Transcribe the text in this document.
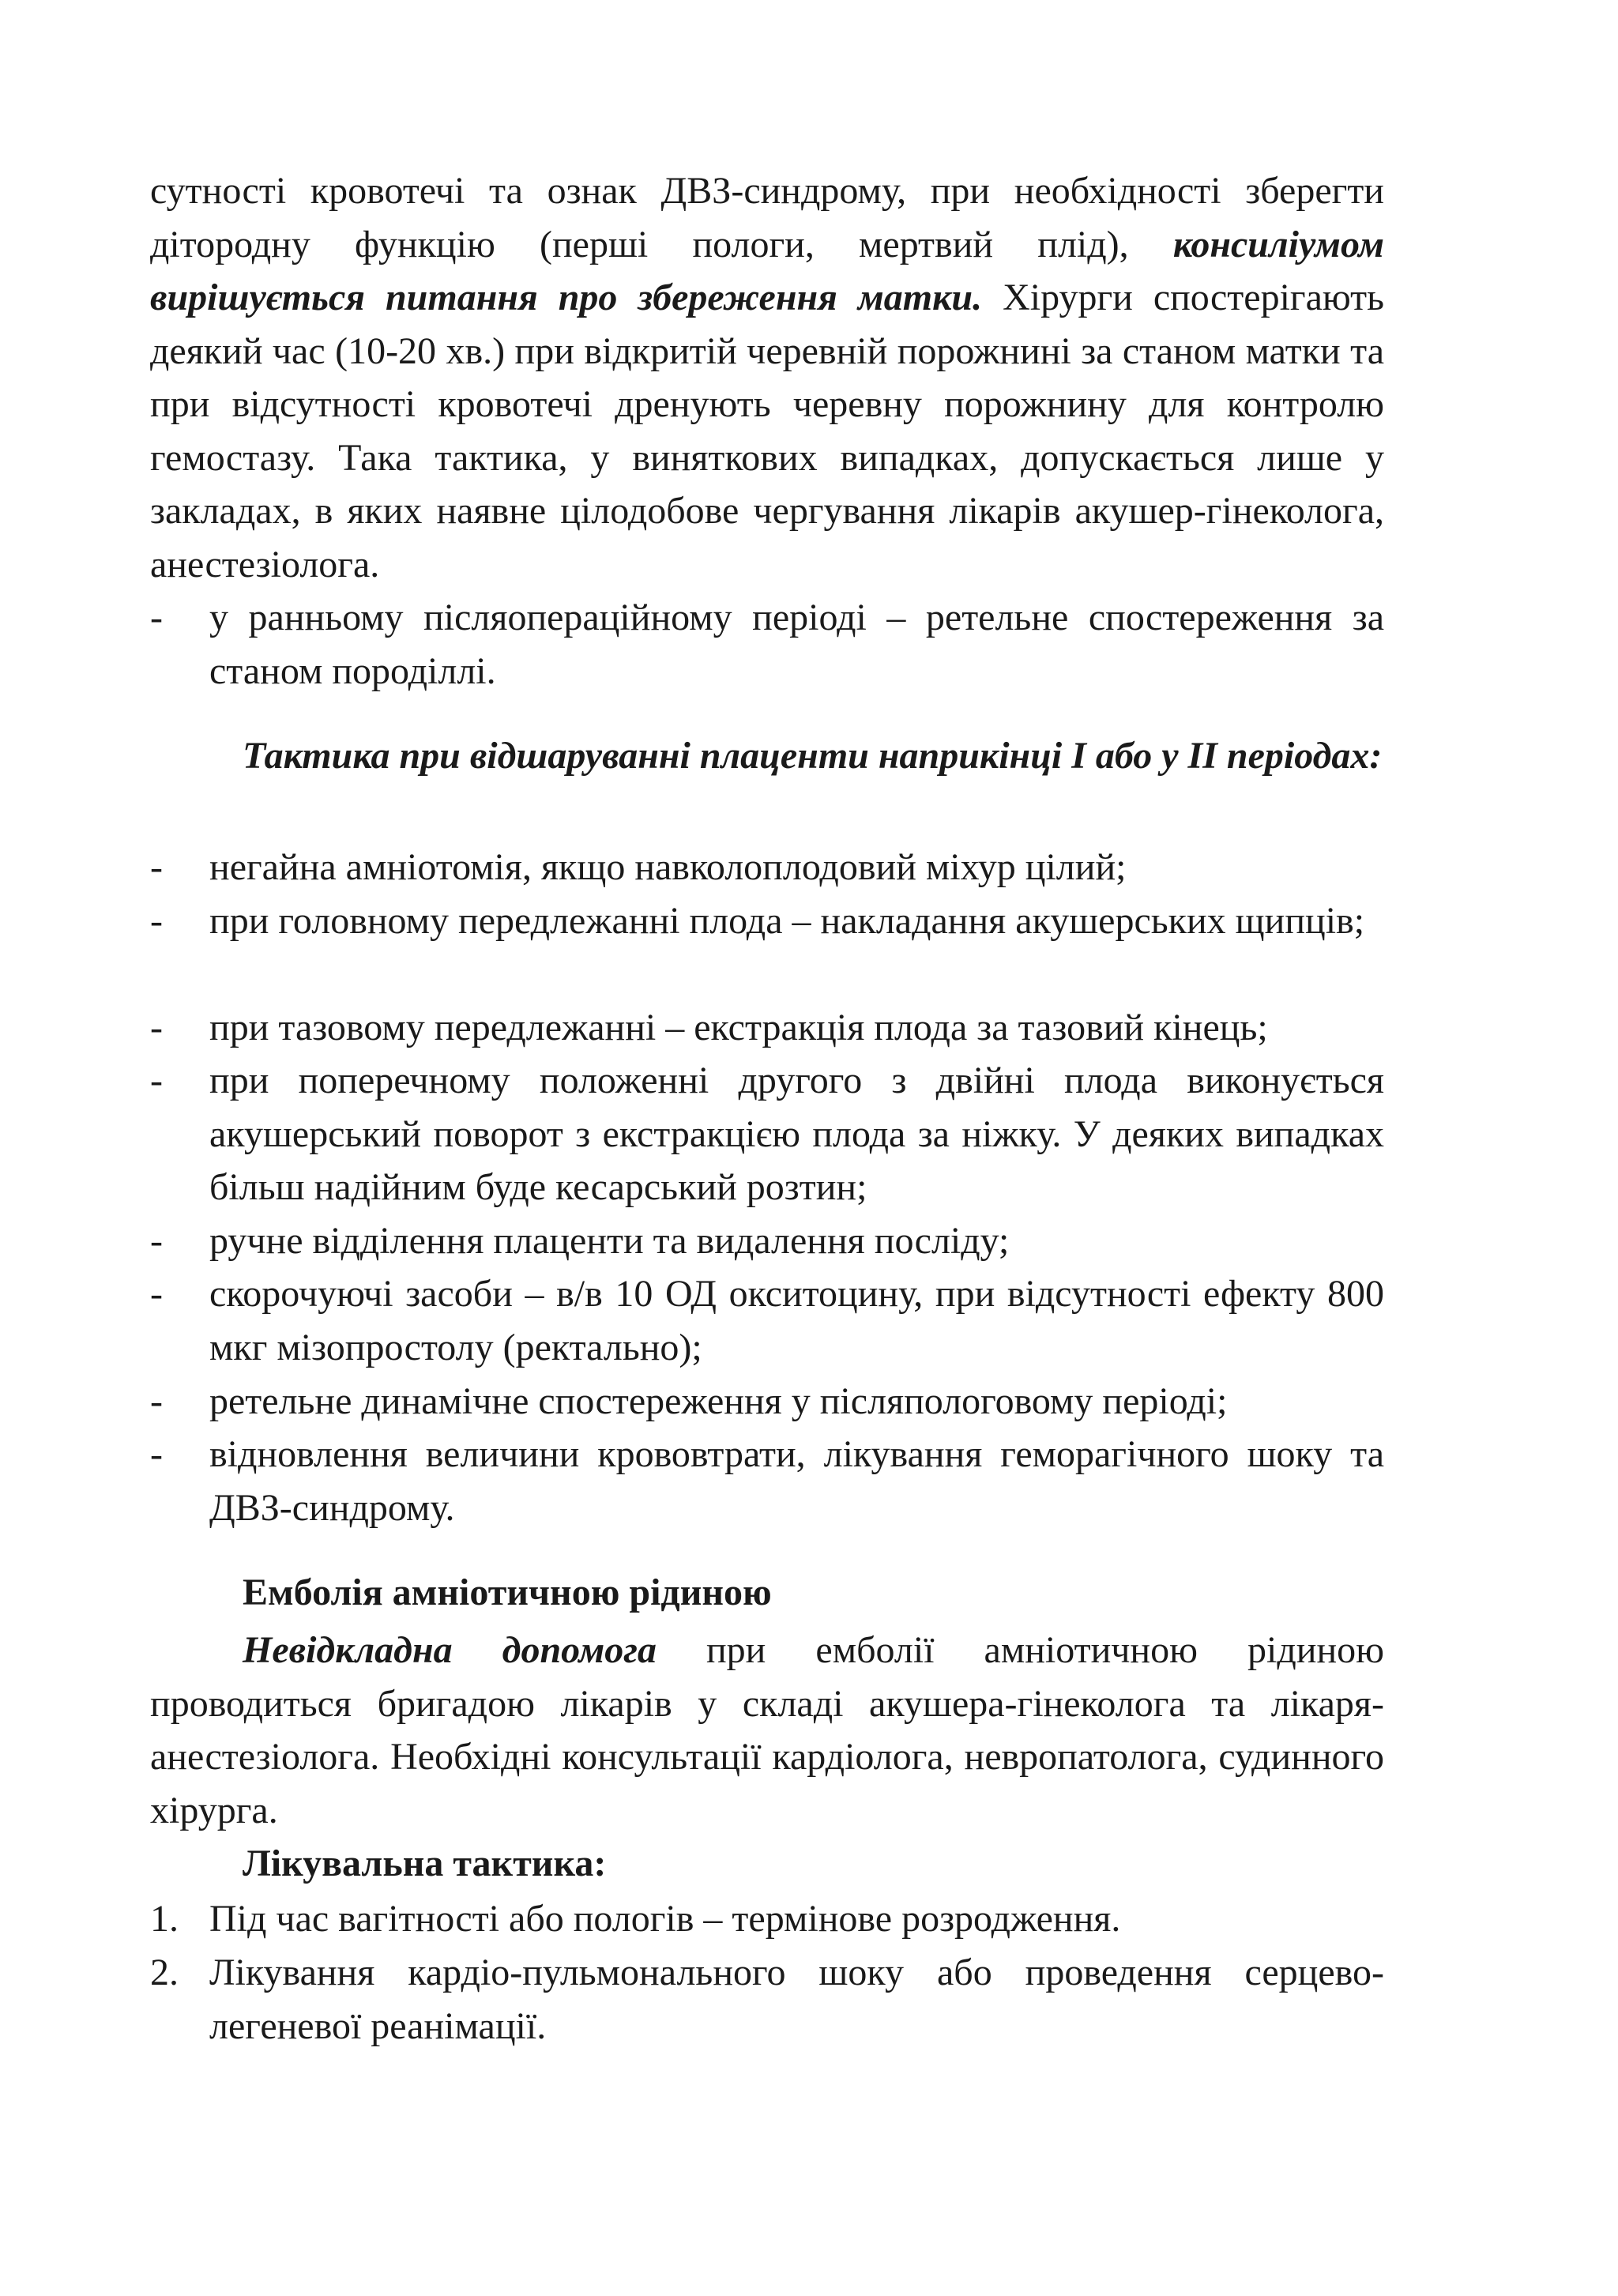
сутності кровотечі та ознак ДВЗ-синдрому, при необхідності зберегти дітородну функцію (перші пологи, мертвий плід), консиліумом вирішується питання про збереження матки. Хірурги спостерігають деякий час (10-20 хв.) при відкритій черевній порожнині за станом матки та при відсутності кровотечі дренують черевну порожнину для контролю гемостазу. Така тактика, у виняткових випадках, допускається лише у закладах, в яких наявне цілодобове чергування лікарів акушер-гінеколога, анестезіолога.

- у ранньому післяопераційному періоді – ретельне спостереження за станом породіллі.

Тактика при відшаруванні плаценти наприкінці І або у ІІ періодах:

- негайна амніотомія, якщо навколоплодовий міхур цілий;
- при головному передлежанні плода – накладання акушерських щипців;
- при тазовому передлежанні – екстракція плода за тазовий кінець;
- при поперечному положенні другого з двійні плода виконується акушерський поворот з екстракцією плода за ніжку. У деяких випадках більш надійним буде кесарський розтин;
- ручне відділення плаценти та видалення посліду;
- скорочуючі засоби – в/в 10 ОД окситоцину, при відсутності ефекту 800 мкг мізопростолу (ректально);
- ретельне динамічне спостереження у післяпологовому періоді;
- відновлення величини крововтрати, лікування геморагічного шоку та ДВЗ-синдрому.

Емболія амніотичною рідиною

Невідкладна допомога при емболії амніотичною рідиною проводиться бригадою лікарів у складі акушера-гінеколога та лікаря-анестезіолога. Необхідні консультації кардіолога, невропатолога, судинного хірурга.

Лікувальна тактика:

1. Під час вагітності або пологів – термінове розродження.
2. Лікування кардіо-пульмонального шоку або проведення серцево-легеневої реанімації.
